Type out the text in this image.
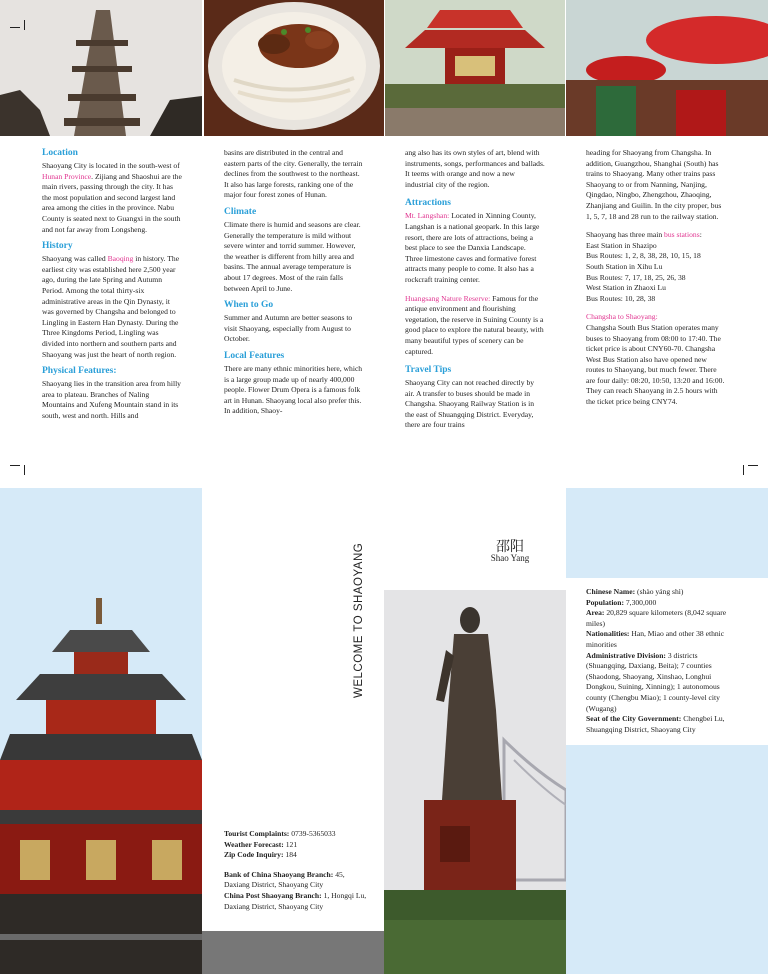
Location

Shaoyang City is located in the south-west of Hunan Province. Zijiang and Shaoshui are the main rivers, passing through the city. It has the most population and second largest land area among the cities in the province. Nabu County is seated next to Guangxi in the south and not far away from Longsheng.

History

Shaoyang was called Baoqing in history. The earliest city was established here 2,500 year ago, during the late Spring and Autumn Period. Among the total thirty-six administrative areas in the Qin Dynasty, it was governed by Changsha and belonged to Lingling in Eastern Han Dynasty. During the Three Kingdoms Period, Lingling was divided into northern and southern parts and Shaoyang was just the heart of north region.

Physical Features:

Shaoyang lies in the transition area from hilly area to plateau. Branches of Naling Mountains and Xufeng Mountain stand in its south, west and north. Hills and

basins are distributed in the central and eastern parts of the city. Generally, the terrain declines from the southwest to the northeast. It also has large forests, ranking one of the major four forest zones of Hunan.

Climate

Climate there is humid and seasons are clear. Generally the temperature is mild without severe winter and torrid summer. However, the weather is different from hilly area and basins. The annual average temperature is about 17 degrees. Most of the rain falls between April to June.

When to Go

Summer and Autumn are better seasons to visit Shaoyang, especially from August to October.

Local Features

There are many ethnic minorities here, which is a large group made up of nearly 400,000 people. Flower Drum Opera is a famous folk art in Hunan. Shaoyang local also prefer this. In addition, Shaoy-

ang also has its own styles of art, blend with instruments, songs, performances and ballads. It teems with orange and now a new industrial city of the region.

Attractions

Mt. Langshan: Located in Xinning County, Langshan is a national geopark. In this large resort, there are lots of attractions, being a best place to see the Danxia Landscape. Three limestone caves and formative forest attracts many people to come. It also has a rockcraft training center.

Huangsang Nature Reserve: Famous for the antique environment and flourishing vegetation, the reserve in Suining County is a good place to explore the natural beauty, with many beautiful types of scenery can be captured.

Travel Tips

Shaoyang City can not reached directly by air. A transfer to buses should be made in Changsha. Shaoyang Railway Station is in the east of Shuangqing District. Everyday, there are four trains

heading for Shaoyang from Changsha. In addition, Guangzhou, Shanghai (South) has trains to Shaoyang. Many other trains pass Shaoyang to or from Nanning, Nanjing, Qingdao, Ningbo, Zhengzhou, Zhaoqing, Zhanjiang and Guilin. In the city proper, bus 1, 5, 7, 18 and 28 run to the railway station.

Shaoyang has three main bus stations:

East Station in Shazipo
Bus Routes: 1, 2, 8, 38, 28, 10, 15, 18
South Station in Xihu Lu
Bus Routes: 7, 17, 18, 25, 26, 38
West Station in Zhaoxi Lu
Bus Routes: 10, 28, 38
Changsha to Shaoyang:

Changsha South Bus Station operates many buses to Shaoyang from 08:00 to 17:40. The ticket price is about CNY60-70. Changsha West Bus Station also have opened new routes to Shaoyang, but much fewer. There are four daily: 08:20, 10:50, 13:20 and 16:00. They can reach Shaoyang in 2.5 hours with the ticket price being CNY74.

WELCOME TO SHAOYANG
Tourist Complaints: 0739-5365033
Weather Forecast: 121
Zip Code Inquiry: 184
Bank of China Shaoyang Branch: 45, Daxiang District, Shaoyang City
China Post Shaoyang Branch: 1, Hongqi Lu, Daxiang District, Shaoyang City
邵阳
Shao Yang
Chinese Name: (shào yáng shì)
Population: 7,300,000
Area: 20,829 square kilometers (8,042 square miles)
Nationalities: Han, Miao and other 38 ethnic minorities
Administrative Division: 3 districts (Shuangqing, Daxiang, Beita); 7 counties (Shaodong, Shaoyang, Xinshao, Longhui Dongkou, Suining, Xinning); 1 autonomous county (Chengbu Miao); 1 county-level city (Wugang)
Seat of the City Government: Chengbei Lu, Shuangqing District, Shaoyang City
